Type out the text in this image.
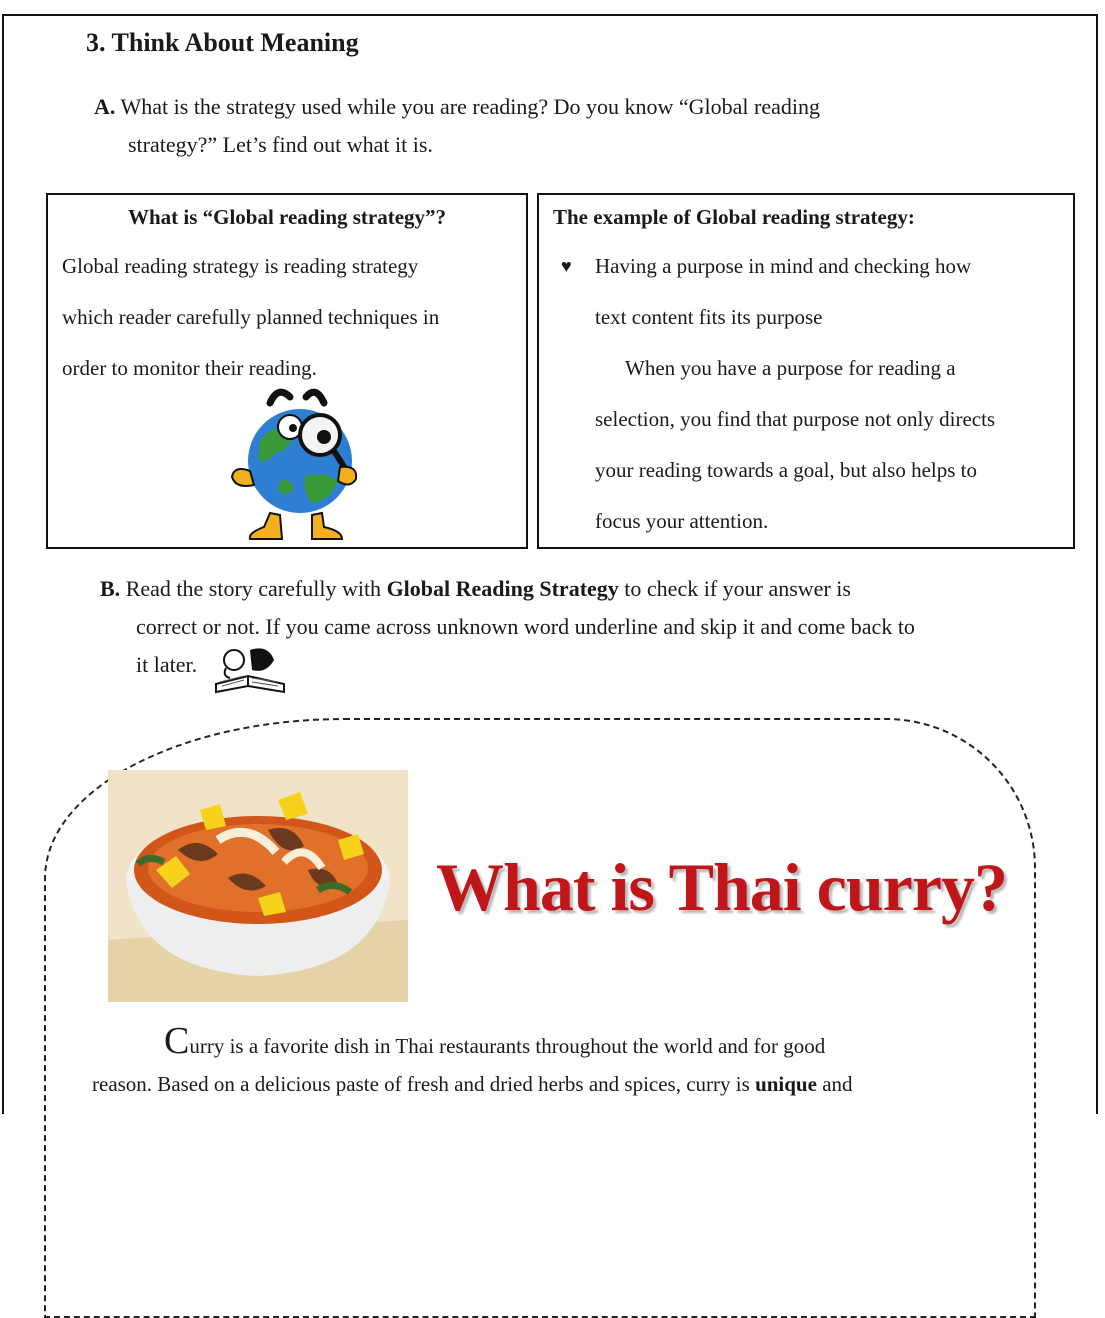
3. Think About Meaning
A. What is the strategy used while you are reading? Do you know “Global reading
strategy?” Let’s find out what it is.
What is “Global reading strategy”?
Global reading strategy is reading strategy
which reader carefully planned techniques in
order to monitor their reading.
The example of Global reading strategy:
♥ Having a purpose in mind and checking how
text content fits its purpose
When you have a purpose for reading a
selection, you find that purpose not only directs
your reading towards a goal, but also helps to
focus your attention.
B. Read the story carefully with Global Reading Strategy to check if your answer is
correct or not. If you came across unknown word underline and skip it and come back to
it later.
What is Thai curry?
Curry is a favorite dish in Thai restaurants throughout the world and for good
reason. Based on a delicious paste of fresh and dried herbs and spices, curry is unique and
